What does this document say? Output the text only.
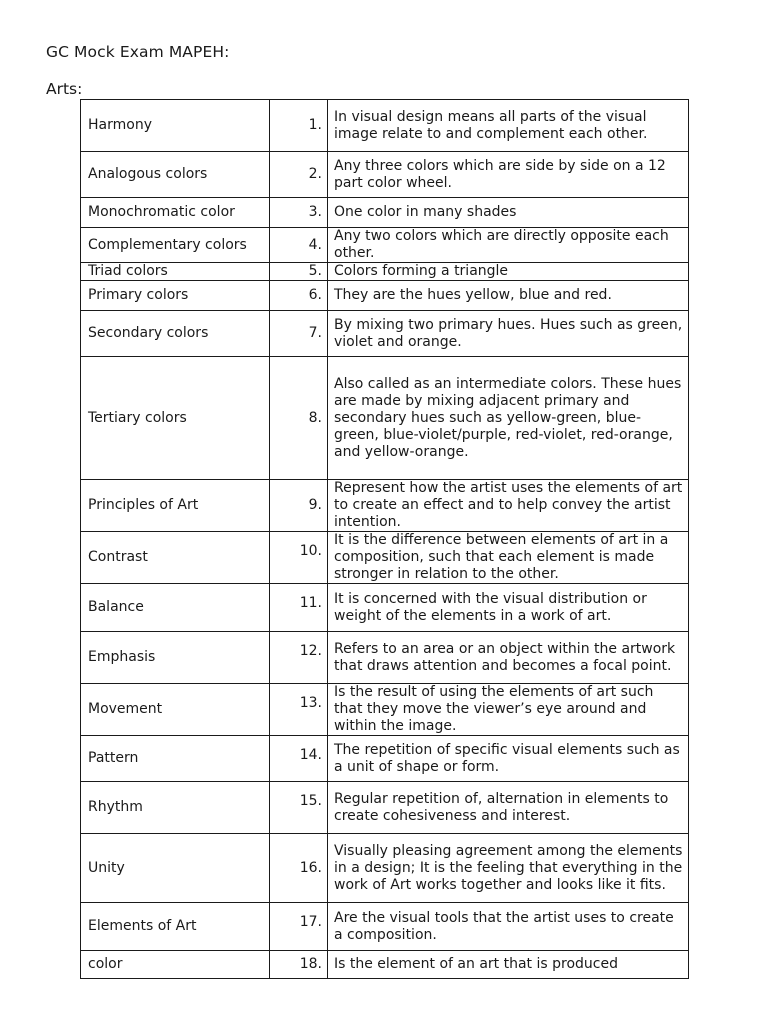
GC Mock Exam MAPEH:
Arts:
Harmony	1.	In visual design means all parts of the visual image relate to and complement each other.
Analogous colors	2.	Any three colors which are side by side on a 12 part color wheel.
Monochromatic color	3.	One color in many shades
Complementary colors	4.	Any two colors which are directly opposite each other.
Triad colors	5.	Colors forming a triangle
Primary colors	6.	They are the hues yellow, blue and red.
Secondary colors	7.	By mixing two primary hues. Hues such as green, violet and orange.
Tertiary colors	8.	Also called as an intermediate colors. These hues are made by mixing adjacent primary and secondary hues such as yellow-green, blue-green, blue-violet/purple, red-violet, red-orange, and yellow-orange.
Principles of Art	9.	Represent how the artist uses the elements of art to create an effect and to help convey the artist intention.
Contrast	10.	It is the difference between elements of art in a composition, such that each element is made stronger in relation to the other.
Balance	11.	It is concerned with the visual distribution or weight of the elements in a work of art.
Emphasis	12.	Refers to an area or an object within the artwork that draws attention and becomes a focal point.
Movement	13.	Is the result of using the elements of art such that they move the viewer’s eye around and within the image.
Pattern	14.	The repetition of specific visual elements such as a unit of shape or form.
Rhythm	15.	Regular repetition of, alternation in elements to create cohesiveness and interest.
Unity	16.	Visually pleasing agreement among the elements in a design; It is the feeling that everything in the work of Art works together and looks like it fits.
Elements of Art	17.	Are the visual tools that the artist uses to create a composition.
color	18.	Is the element of an art that is produced
